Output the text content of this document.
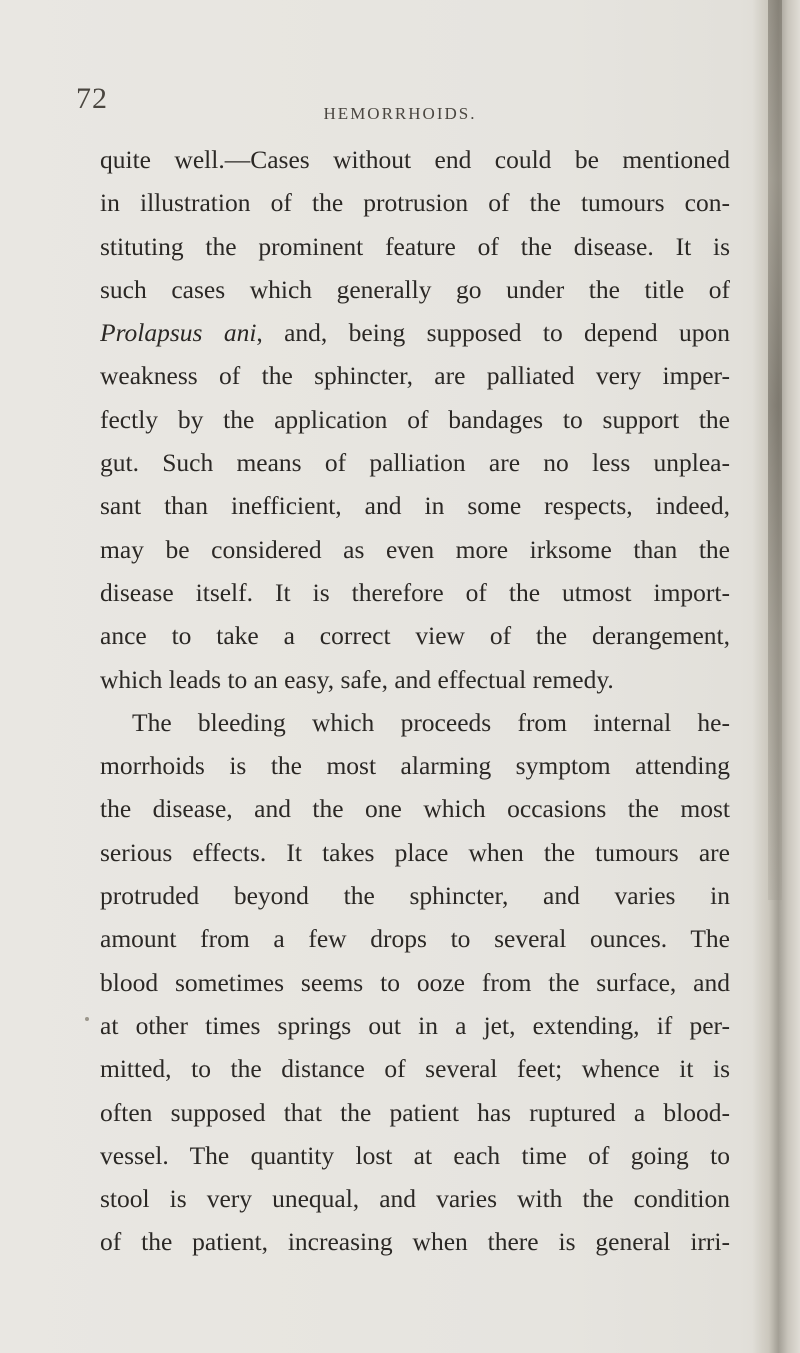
72	HEMORRHOIDS.
quite well.—Cases without end could be mentioned
in illustration of the protrusion of the tumours con-
stituting the prominent feature of the disease. It is
such cases which generally go under the title of
Prolapsus ani, and, being supposed to depend upon
weakness of the sphincter, are palliated very imper-
fectly by the application of bandages to support the
gut. Such means of palliation are no less unplea-
sant than inefficient, and in some respects, indeed,
may be considered as even more irksome than the
disease itself. It is therefore of the utmost import-
ance to take a correct view of the derangement,
which leads to an easy, safe, and effectual remedy.
The bleeding which proceeds from internal he-
morrhoids is the most alarming symptom attending
the disease, and the one which occasions the most
serious effects. It takes place when the tumours are
protruded beyond the sphincter, and varies in
amount from a few drops to several ounces. The
blood sometimes seems to ooze from the surface, and
at other times springs out in a jet, extending, if per-
mitted, to the distance of several feet; whence it is
often supposed that the patient has ruptured a blood-
vessel. The quantity lost at each time of going to
stool is very unequal, and varies with the condition
of the patient, increasing when there is general irri-
